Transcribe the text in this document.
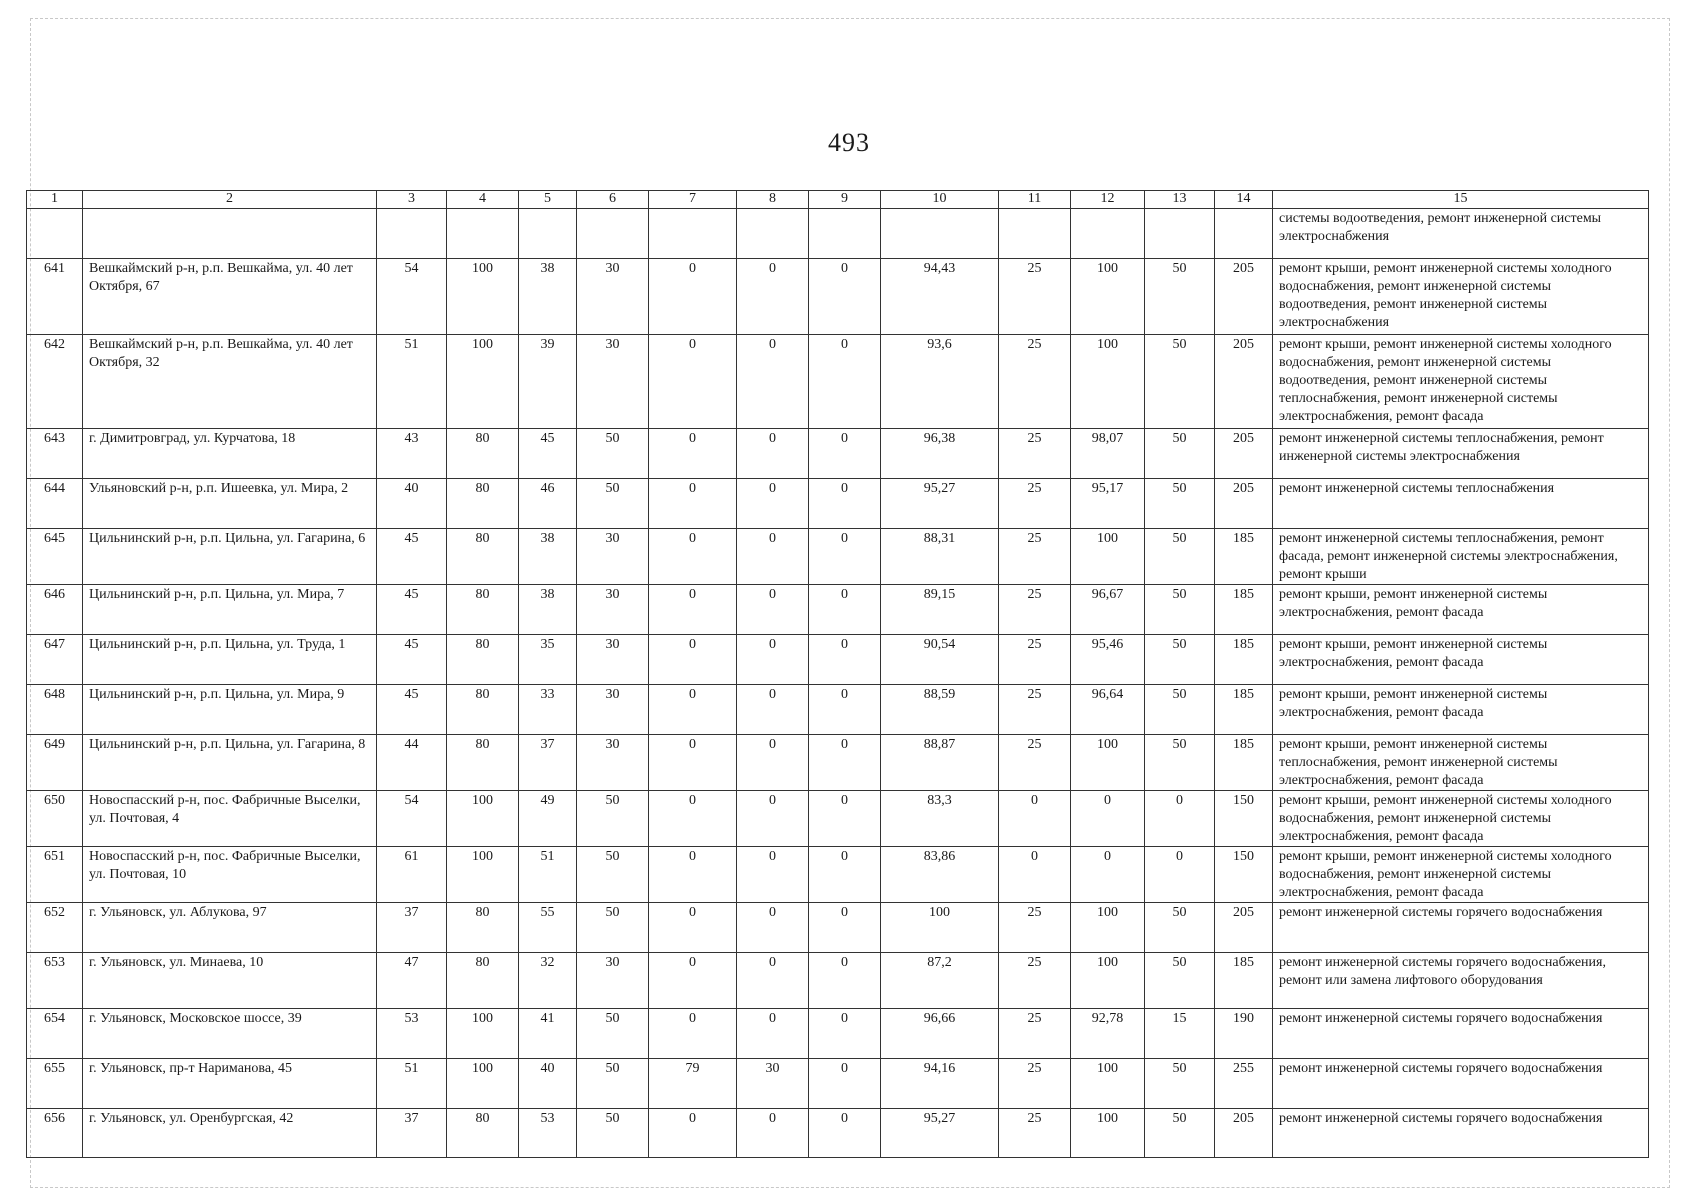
493
1	2	3	4	5	6	7	8	9	10	11	12	13	14	15
														системы водоотведения, ремонт инженерной системы электроснабжения
641	Вешкаймский р-н, р.п. Вешкайма, ул. 40 лет Октября, 67	54	100	38	30	0	0	0	94,43	25	100	50	205	ремонт крыши, ремонт инженерной системы холодного водоснабжения, ремонт инженерной системы водоотведения, ремонт инженерной системы электроснабжения
642	Вешкаймский р-н, р.п. Вешкайма, ул. 40 лет Октября, 32	51	100	39	30	0	0	0	93,6	25	100	50	205	ремонт крыши, ремонт инженерной системы холодного водоснабжения, ремонт инженерной системы водоотведения, ремонт инженерной системы теплоснабжения, ремонт инженерной системы электроснабжения, ремонт фасада
643	г. Димитровград, ул. Курчатова, 18	43	80	45	50	0	0	0	96,38	25	98,07	50	205	ремонт инженерной системы теплоснабжения, ремонт инженерной системы электроснабжения
644	Ульяновский р-н, р.п. Ишеевка, ул. Мира, 2	40	80	46	50	0	0	0	95,27	25	95,17	50	205	ремонт инженерной системы теплоснабжения
645	Цильнинский р-н, р.п. Цильна, ул. Гагарина, 6	45	80	38	30	0	0	0	88,31	25	100	50	185	ремонт инженерной системы теплоснабжения, ремонт фасада, ремонт инженерной системы электроснабжения, ремонт крыши
646	Цильнинский р-н, р.п. Цильна, ул. Мира, 7	45	80	38	30	0	0	0	89,15	25	96,67	50	185	ремонт крыши, ремонт инженерной системы электроснабжения, ремонт фасада
647	Цильнинский р-н, р.п. Цильна, ул. Труда, 1	45	80	35	30	0	0	0	90,54	25	95,46	50	185	ремонт крыши, ремонт инженерной системы электроснабжения, ремонт фасада
648	Цильнинский р-н, р.п. Цильна, ул. Мира, 9	45	80	33	30	0	0	0	88,59	25	96,64	50	185	ремонт крыши, ремонт инженерной системы электроснабжения, ремонт фасада
649	Цильнинский р-н, р.п. Цильна, ул. Гагарина, 8	44	80	37	30	0	0	0	88,87	25	100	50	185	ремонт крыши, ремонт инженерной системы теплоснабжения, ремонт инженерной системы электроснабжения, ремонт фасада
650	Новоспасский р-н, пос. Фабричные Выселки, ул. Почтовая, 4	54	100	49	50	0	0	0	83,3	0	0	0	150	ремонт крыши, ремонт инженерной системы холодного водоснабжения, ремонт инженерной системы электроснабжения, ремонт фасада
651	Новоспасский р-н, пос. Фабричные Выселки, ул. Почтовая, 10	61	100	51	50	0	0	0	83,86	0	0	0	150	ремонт крыши, ремонт инженерной системы холодного водоснабжения, ремонт инженерной системы электроснабжения, ремонт фасада
652	г. Ульяновск, ул. Аблукова, 97	37	80	55	50	0	0	0	100	25	100	50	205	ремонт инженерной системы горячего водоснабжения
653	г. Ульяновск, ул. Минаева, 10	47	80	32	30	0	0	0	87,2	25	100	50	185	ремонт инженерной системы горячего водоснабжения, ремонт или замена лифтового оборудования
654	г. Ульяновск, Московское шоссе, 39	53	100	41	50	0	0	0	96,66	25	92,78	15	190	ремонт инженерной системы горячего водоснабжения
655	г. Ульяновск, пр-т Нариманова, 45	51	100	40	50	79	30	0	94,16	25	100	50	255	ремонт инженерной системы горячего водоснабжения
656	г. Ульяновск, ул. Оренбургская, 42	37	80	53	50	0	0	0	95,27	25	100	50	205	ремонт инженерной системы горячего водоснабжения
